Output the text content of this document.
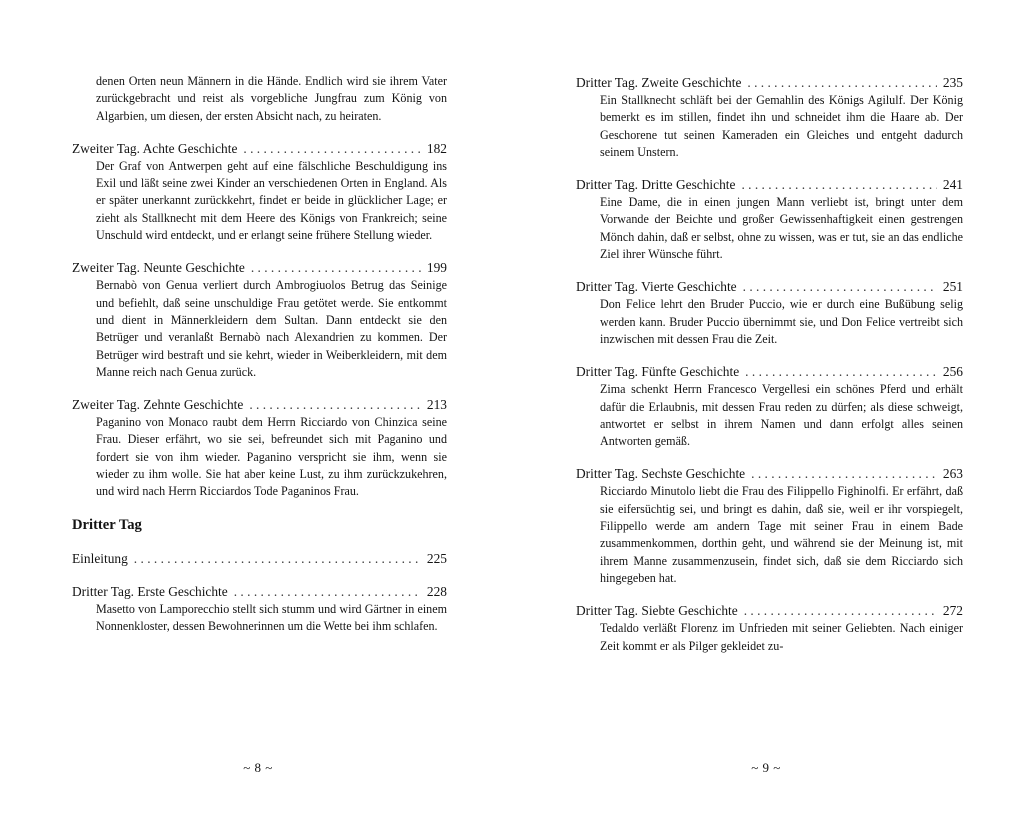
denen Orten neun Männern in die Hände. Endlich wird sie ihrem Vater zurückgebracht und reist als vorgebliche Jungfrau zum König von Algarbien, um diesen, der ersten Absicht nach, zu heiraten.
Zweiter Tag. Achte Geschichte . . .	182
Der Graf von Antwerpen geht auf eine fälschliche Beschuldigung ins Exil und läßt seine zwei Kinder an verschiedenen Orten in England. Als er später unerkannt zurückkehrt, findet er beide in glücklicher Lage; er zieht als Stallknecht mit dem Heere des Königs von Frankreich; seine Unschuld wird entdeckt, und er erlangt seine frühere Stellung wieder.
Zweiter Tag. Neunte Geschichte . . .	199
Bernabò von Genua verliert durch Ambrogiuolos Betrug das Seinige und befiehlt, daß seine unschuldige Frau getötet werde. Sie entkommt und dient in Männerkleidern dem Sultan. Dann entdeckt sie den Betrüger und veranlaßt Bernabò nach Alexandrien zu kommen. Der Betrüger wird bestraft und sie kehrt, wieder in Weiberkleidern, mit dem Manne reich nach Genua zurück.
Zweiter Tag. Zehnte Geschichte . . .	213
Paganino von Monaco raubt dem Herrn Ricciardo von Chinzica seine Frau. Dieser erfährt, wo sie sei, befreundet sich mit Paganino und fordert sie von ihm wieder. Paganino verspricht sie ihm, wenn sie wieder zu ihm wolle. Sie hat aber keine Lust, zu ihm zurückzukehren, und wird nach Herrn Ricciardos Tode Paganinos Frau.
Dritter Tag
Einleitung . . .	225
Dritter Tag. Erste Geschichte . . .	228
Masetto von Lamporecchio stellt sich stumm und wird Gärtner in einem Nonnenkloster, dessen Bewohnerinnen um die Wette bei ihm schlafen.
~ 8 ~
Dritter Tag. Zweite Geschichte . . .	235
Ein Stallknecht schläft bei der Gemahlin des Königs Agilulf. Der König bemerkt es im stillen, findet ihn und schneidet ihm die Haare ab. Der Geschorene tut seinen Kameraden ein Gleiches und entgeht dadurch seinem Unstern.
Dritter Tag. Dritte Geschichte . . .	241
Eine Dame, die in einen jungen Mann verliebt ist, bringt unter dem Vorwande der Beichte und großer Gewissenhaftigkeit einen gestrengen Mönch dahin, daß er selbst, ohne zu wissen, was er tut, sie an das endliche Ziel ihrer Wünsche führt.
Dritter Tag. Vierte Geschichte . . .	251
Don Felice lehrt den Bruder Puccio, wie er durch eine Bußübung selig werden kann. Bruder Puccio übernimmt sie, und Don Felice vertreibt sich inzwischen mit dessen Frau die Zeit.
Dritter Tag. Fünfte Geschichte . . .	256
Zima schenkt Herrn Francesco Vergellesi ein schönes Pferd und erhält dafür die Erlaubnis, mit dessen Frau reden zu dürfen; als diese schweigt, antwortet er selbst in ihrem Namen und dann erfolgt alles seinen Antworten gemäß.
Dritter Tag. Sechste Geschichte . . .	263
Ricciardo Minutolo liebt die Frau des Filippello Fighinolfi. Er erfährt, daß sie eifersüchtig sei, und bringt es dahin, daß sie, weil er ihr vorspiegelt, Filippello werde am andern Tage mit seiner Frau in einem Bade zusammenkommen, dorthin geht, und während sie der Meinung ist, mit ihrem Manne zusammenzusein, findet sich, daß sie dem Ricciardo sich hingegeben hat.
Dritter Tag. Siebte Geschichte . . .	272
Tedaldo verläßt Florenz im Unfrieden mit seiner Geliebten. Nach einiger Zeit kommt er als Pilger gekleidet zu-
~ 9 ~
